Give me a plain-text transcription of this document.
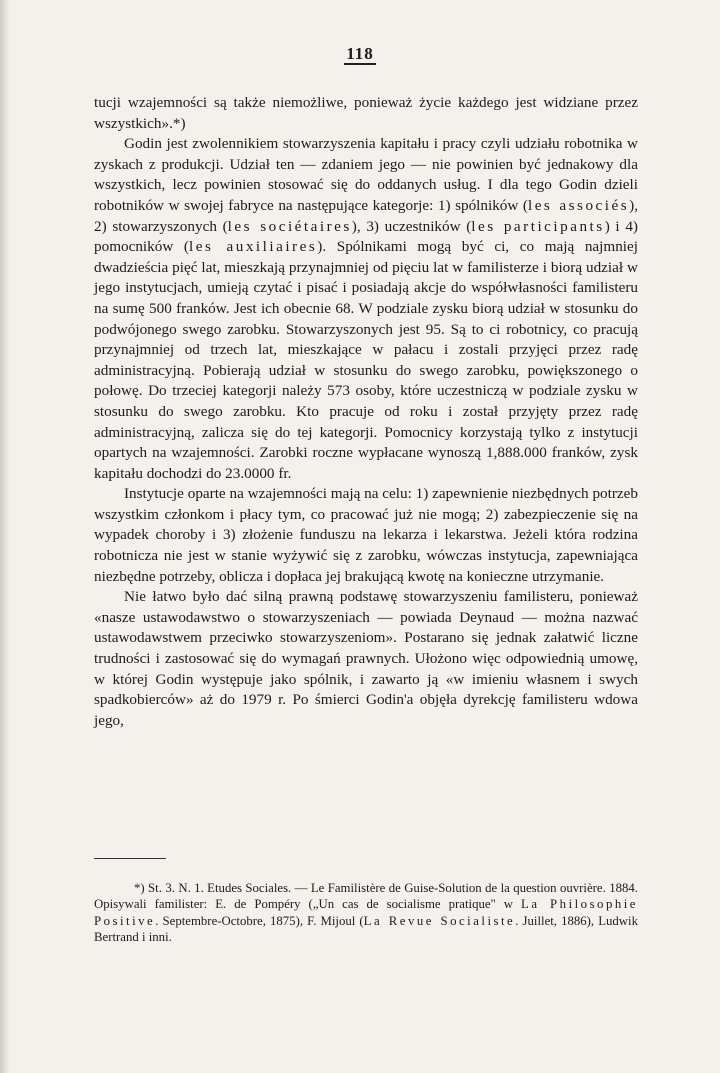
118

tucji wzajemności są także niemożliwe, ponieważ życie każdego jest widziane przez wszystkich».*)

Godin jest zwolennikiem stowarzyszenia kapitału i pracy czyli udziału robotnika w zyskach z produkcji. Udział ten — zdaniem jego — nie powinien być jednakowy dla wszystkich, lecz powinien stosować się do oddanych usług. I dla tego Godin dzieli robotników w swojej fabryce na następujące kategorje: 1) spólników (les associés), 2) stowarzyszonych (les sociétaires), 3) uczestników (les participants) i 4) pomocników (les auxiliaires). Spólnikami mogą być ci, co mają najmniej dwadzieścia pięć lat, mieszkają przynajmniej od pięciu lat w familisterze i biorą udział w jego instytucjach, umieją czytać i pisać i posiadają akcje do współwłasności familisteru na sumę 500 franków. Jest ich obecnie 68. W podziale zysku biorą udział w stosunku do podwójonego swego zarobku. Stowarzyszonych jest 95. Są to ci robotnicy, co pracują przynajmniej od trzech lat, mieszkające w pałacu i zostali przyjęci przez radę administracyjną. Pobierają udział w stosunku do swego zarobku, powiększonego o połowę. Do trzeciej kategorji należy 573 osoby, które uczestniczą w podziale zysku w stosunku do swego zarobku. Kto pracuje od roku i został przyjęty przez radę administracyjną, zalicza się do tej kategorji. Pomocnicy korzystają tylko z instytucji opartych na wzajemności. Zarobki roczne wypłacane wynoszą 1,888.000 franków, zysk kapitału dochodzi do 23.0000 fr.

Instytucje oparte na wzajemności mają na celu: 1) zapewnienie niezbędnych potrzeb wszystkim członkom i płacy tym, co pracować już nie mogą; 2) zabezpieczenie się na wypadek choroby i 3) złożenie funduszu na lekarza i lekarstwa. Jeżeli która rodzina robotnicza nie jest w stanie wyżywić się z zarobku, wówczas instytucja, zapewniająca niezbędne potrzeby, oblicza i dopłaca jej brakującą kwotę na konieczne utrzymanie.

Nie łatwo było dać silną prawną podstawę stowarzyszeniu familisteru, ponieważ «nasze ustawodawstwo o stowarzyszeniach — powiada Deynaud — można nazwać ustawodawstwem przeciwko stowarzyszeniom». Postarano się jednak załatwić liczne trudności i zastosować się do wymagań prawnych. Ułożono więc odpowiednią umowę, w której Godin występuje jako spólnik, i zawarto ją «w imieniu własnem i swych spadkobierców» aż do 1979 r. Po śmierci Godin'a objęła dyrekcję familisteru wdowa jego,

*) St. 3. N. 1. Etudes Sociales. — Le Familistère de Guise-Solution de la question ouvrière. 1884. Opisywali familister: E. de Pompéry („Un cas de socialisme pratique" w La Philosophie Positive. Septembre-Octobre, 1875), F. Mijoul (La Revue Socialiste. Juillet, 1886), Ludwik Bertrand i inni.
